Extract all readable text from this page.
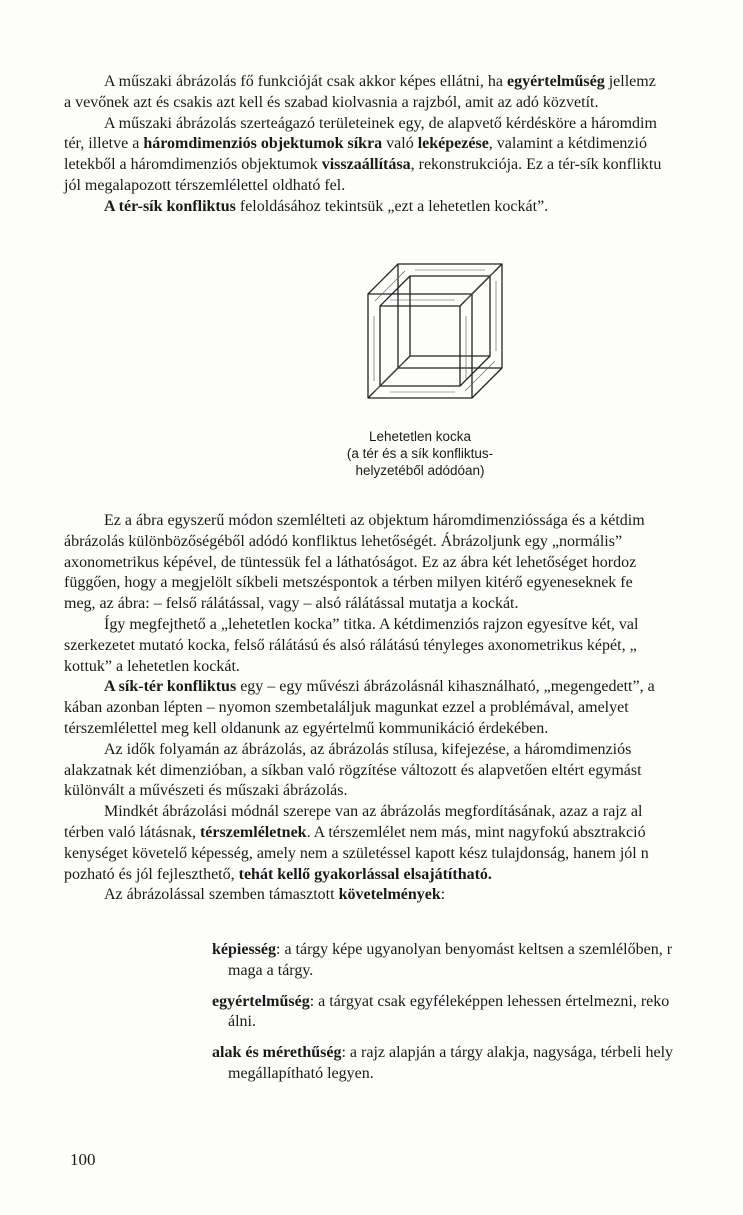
A műszaki ábrázolás fő funkcióját csak akkor képes ellátni, ha egyértelműség jellemz
a vevőnek azt és csakis azt kell és szabad kiolvasnia a rajzból, amit az adó közvetít.

A műszaki ábrázolás szerteágazó területeinek egy, de alapvető kérdésköre a háromdim
tér, illetve a háromdimenziós objektumok síkra való leképezése, valamint a kétdimenzió
letekből a háromdimenziós objektumok visszaállítása, rekonstrukciója. Ez a tér-sík konfliktu
jól megalapozott térszemlélettel oldható fel.

A tér-sík konfliktus feloldásához tekintsük „ezt a lehetetlen kockát”.

Lehetetlen kocka
(a tér és a sík konfliktus-
helyzetéből adódóan)

Ez a ábra egyszerű módon szemlélteti az objektum háromdimenzióssága és a kétdim
ábrázolás különbözőségéből adódó konfliktus lehetőségét. Ábrázoljunk egy „normális”
axonometrikus képével, de tüntessük fel a láthatóságot. Ez az ábra két lehetőséget hordoz
függően, hogy a megjelölt síkbeli metszéspontok a térben milyen kitérő egyeneseknek fe
meg, az ábra: – felső rálátással, vagy – alsó rálátással mutatja a kockát.

Így megfejthető a „lehetetlen kocka” titka. A kétdimenziós rajzon egyesítve két, val
szerkezetet mutató kocka, felső rálátású és alsó rálátású tényleges axonometrikus képét, „
kottuk” a lehetetlen kockát.

A sík-tér konfliktus egy – egy művészi ábrázolásnál kihasználható, „megengedett”, a
kában azonban lépten – nyomon szembetaláljuk magunkat ezzel a problémával, amelyet
térszemlélettel meg kell oldanunk az egyértelmű kommunikáció érdekében.

Az idők folyamán az ábrázolás, az ábrázolás stílusa, kifejezése, a háromdimenziós
alakzatnak két dimenzióban, a síkban való rögzítése változott és alapvetően eltért egymást
különvált a művészeti és műszaki ábrázolás.

Mindkét ábrázolási módnál szerepe van az ábrázolás megfordításának, azaz a rajz al
térben való látásnak, térszemléletnek. A térszemlélet nem más, mint nagyfokú absztrakció
kenységet követelő képesség, amely nem a születéssel kapott kész tulajdonság, hanem jól n
pozható és jól fejleszthető, tehát kellő gyakorlással elsajátítható.

Az ábrázolással szemben támasztott követelmények:

képiesség: a tárgy képe ugyanolyan benyomást keltsen a szemlélőben, r
maga a tárgy.

egyértelműség: a tárgyat csak egyféleképpen lehessen értelmezni, reko
álni.

alak és mérethűség: a rajz alapján a tárgy alakja, nagysága, térbeli hely
megállapítható legyen.

100
